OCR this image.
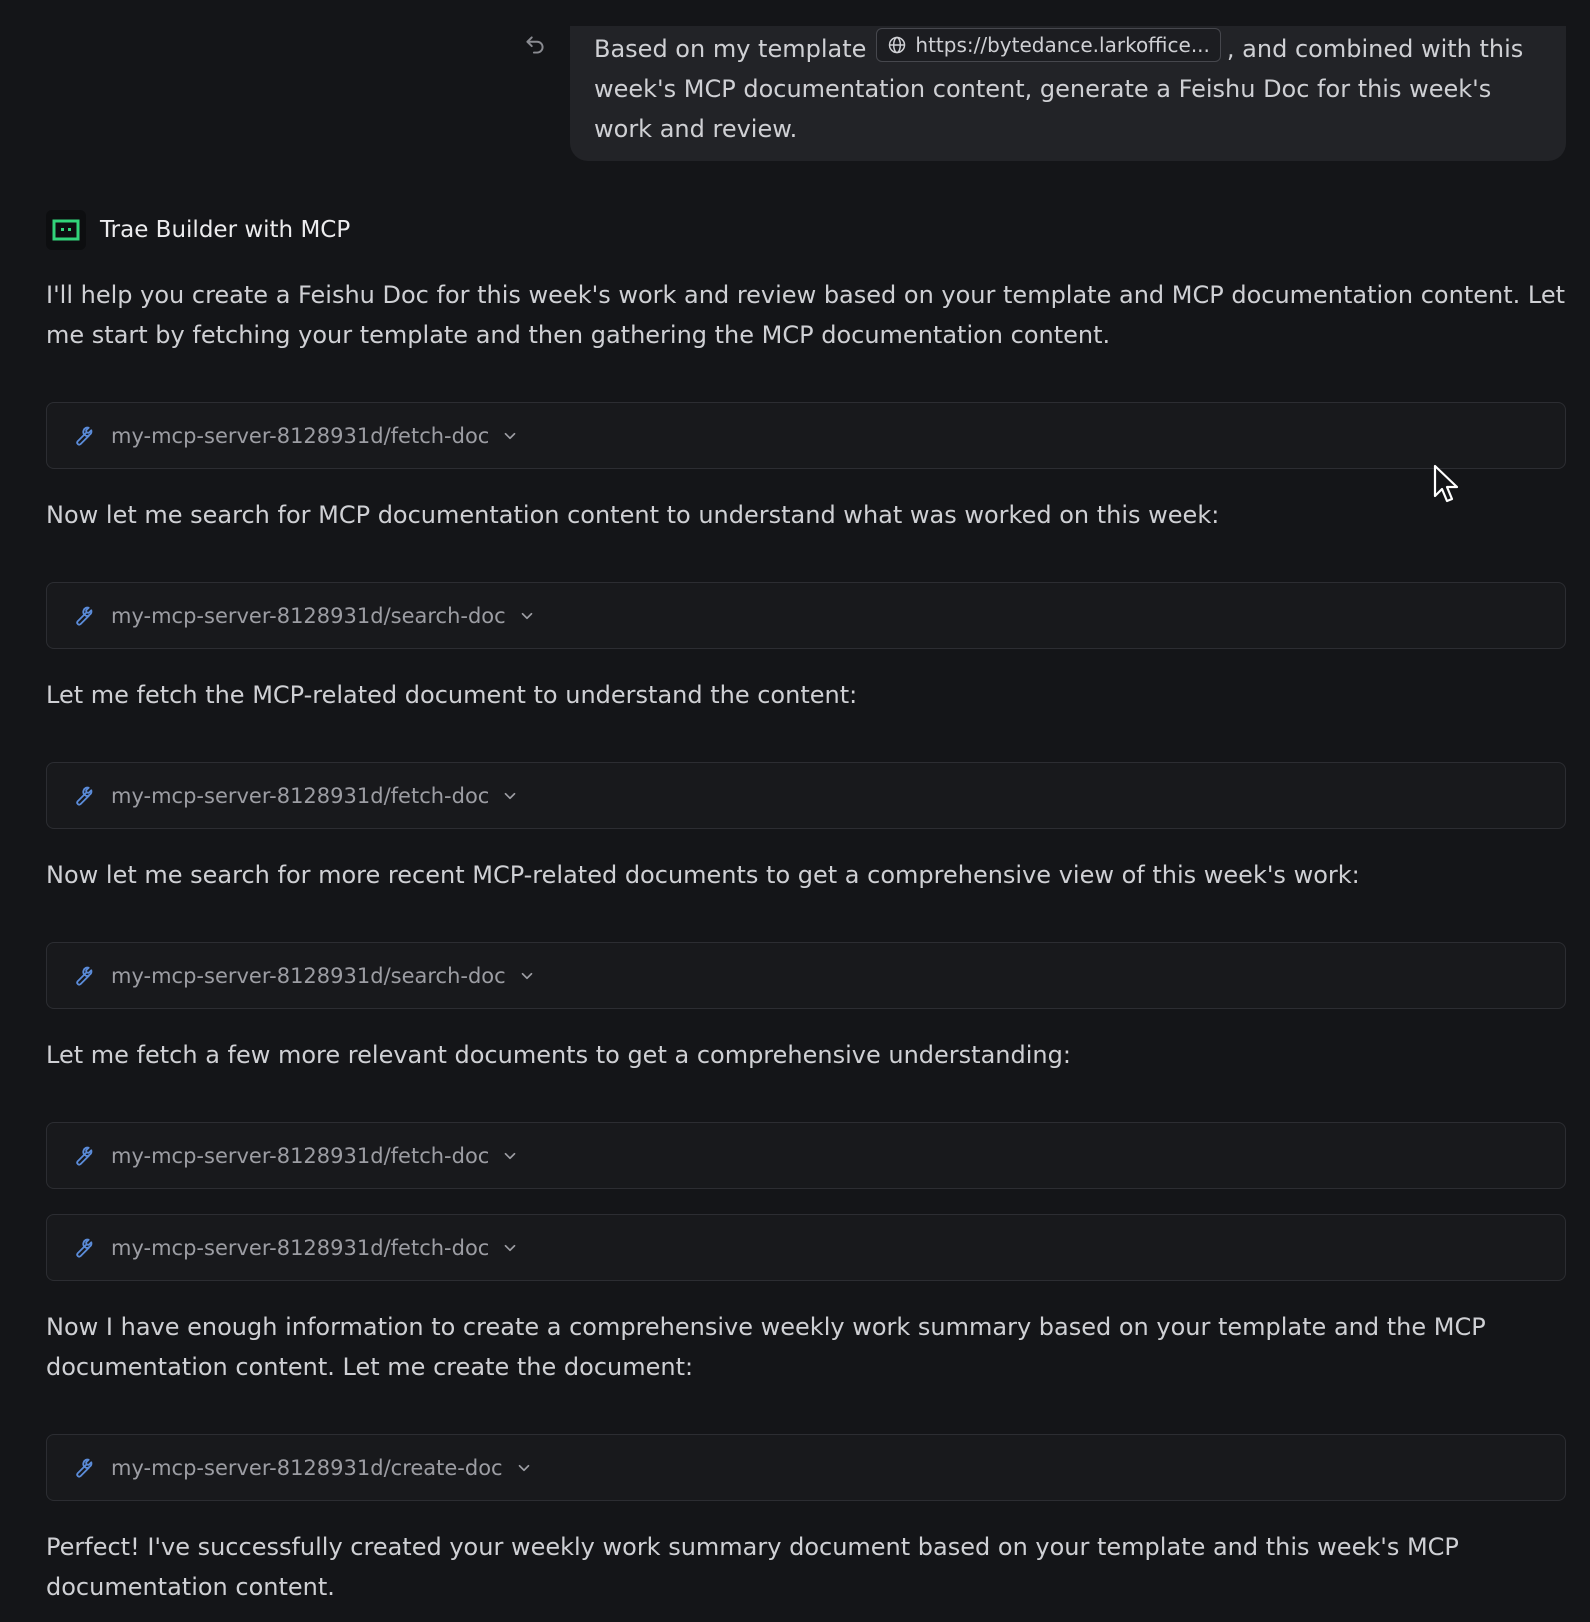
Based on my template https://bytedance.larkoffice... , and combined with this week's MCP documentation content, generate a Feishu Doc for this week's work and review.
Trae Builder with MCP

I'll help you create a Feishu Doc for this week's work and review based on your template and MCP documentation content. Let me start by fetching your template and then gathering the MCP documentation content.

my-mcp-server-8128931d/fetch-doc

Now let me search for MCP documentation content to understand what was worked on this week:

my-mcp-server-8128931d/search-doc

Let me fetch the MCP-related document to understand the content:

my-mcp-server-8128931d/fetch-doc

Now let me search for more recent MCP-related documents to get a comprehensive view of this week's work:

my-mcp-server-8128931d/search-doc

Let me fetch a few more relevant documents to get a comprehensive understanding:

my-mcp-server-8128931d/fetch-doc
my-mcp-server-8128931d/fetch-doc

Now I have enough information to create a comprehensive weekly work summary based on your template and the MCP documentation content. Let me create the document:

my-mcp-server-8128931d/create-doc

Perfect! I've successfully created your weekly work summary document based on your template and this week's MCP documentation content.
